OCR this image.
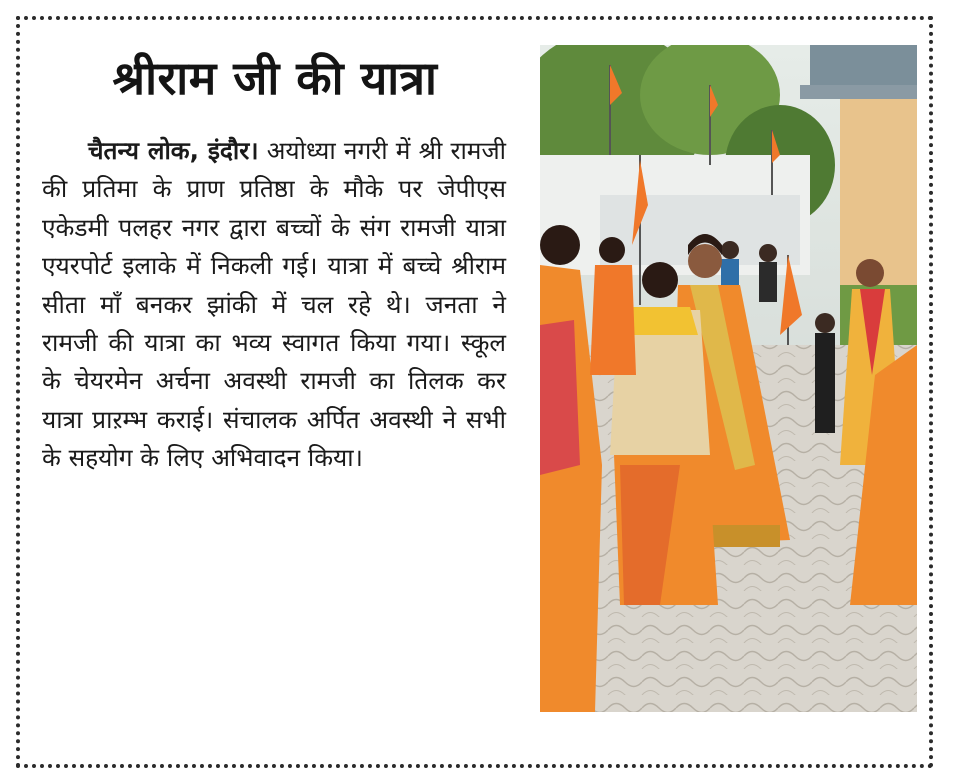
श्रीराम जी की यात्रा
चैतन्य लोक, इंदौर। अयोध्या नगरी में श्री रामजी की प्रतिमा के प्राण प्रतिष्ठा के मौके पर जेपीएस एकेडमी पलहर नगर द्वारा बच्चों के संग रामजी यात्रा एयरपोर्ट इलाके में निकली गई। यात्रा में बच्चे श्रीराम सीता माँ बनकर झांकी में चल रहे थे। जनता ने रामजी की यात्रा का भव्य स्वागत किया गया। स्कूल के चेयरमेन अर्चना अवस्थी रामजी का तिलक कर यात्रा प्राऱम्भ कराई। संचालक अर्पित अवस्थी ने सभी के सहयोग के लिए अभिवादन किया।
